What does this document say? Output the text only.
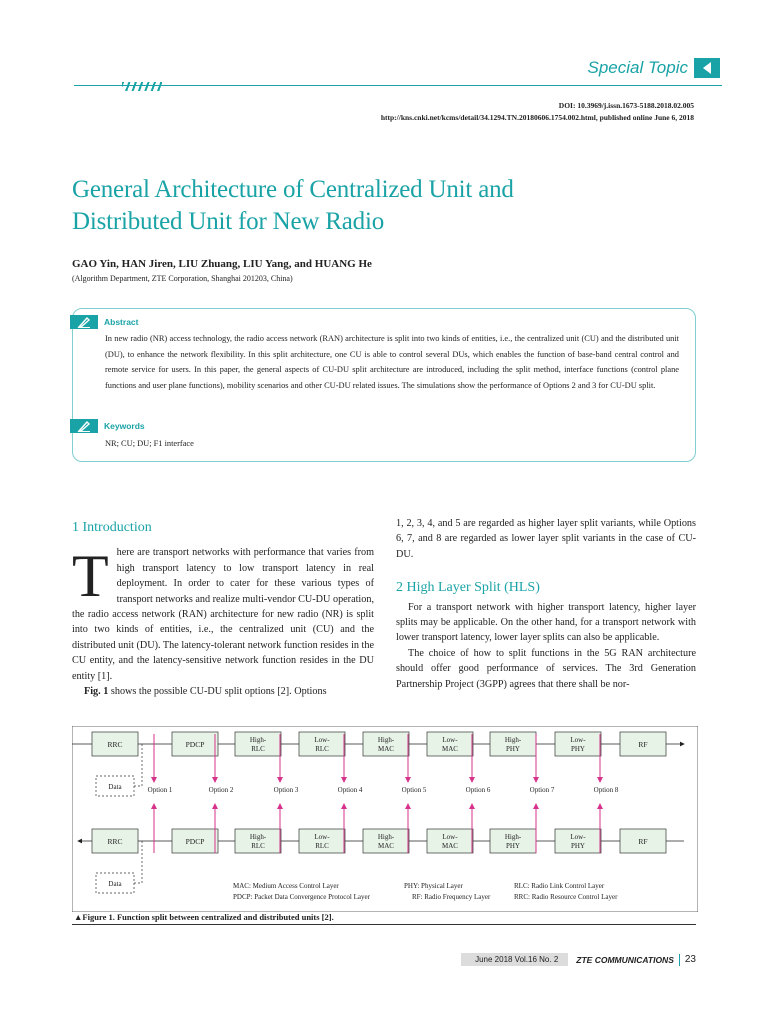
Special Topic
DOI: 10.3969/j.issn.1673-5188.2018.02.005
http://kns.cnki.net/kcms/detail/34.1294.TN.20180606.1754.002.html, published online June 6, 2018
General Architecture of Centralized Unit and
Distributed Unit for New Radio
GAO Yin, HAN Jiren, LIU Zhuang, LIU Yang, and HUANG He
(Algorithm Department, ZTE Corporation, Shanghai 201203, China)
Abstract
In new radio (NR) access technology, the radio access network (RAN) architecture is split into two kinds of entities, i.e., the centralized unit (CU) and the distributed unit (DU), to enhance the network flexibility. In this split architecture, one CU is able to control several DUs, which enables the function of base-band central control and remote service for users. In this paper, the general aspects of CU-DU split architecture are introduced, including the split method, interface functions (control plane functions and user plane functions), mobility scenarios and other CU-DU related issues. The simulations show the performance of Options 2 and 3 for CU-DU split.
Keywords
NR; CU; DU; F1 interface
1 Introduction

There are transport networks with performance that varies from high transport latency to low transport latency in real deployment. In order to cater for these various types of transport networks and realize multi-vendor CU-DU operation, the radio access network (RAN) architecture for new radio (NR) is split into two kinds of entities, i.e., the centralized unit (CU) and the distributed unit (DU). The latency-tolerant network function resides in the CU entity, and the latency-sensitive network function resides in the DU entity [1].

Fig. 1 shows the possible CU-DU split options [2]. Options

1, 2, 3, 4, and 5 are regarded as higher layer split variants, while Options 6, 7, and 8 are regarded as lower layer split variants in the case of CU-DU.

2 High Layer Split (HLS)

For a transport network with higher transport latency, higher layer splits may be applicable. On the other hand, for a transport network with lower transport latency, lower layer splits can also be applicable.

The choice of how to split functions in the 5G RAN architecture should offer good performance of services. The 3rd Generation Partnership Project (3GPP) agrees that there shall be nor-

RRC	PDCP	High-
RLC
Low-
RLC
High-
MAC
Low-
MAC
High-
PHY
Low-
PHY	RF
Data
RRC	PDCP	High-
RLC
Low-
RLC
High-
MAC
Low-
MAC
High-
PHY
Low-
PHY	RF
Data
Option 1	Option 2	Option 3	Option 4	Option 5	Option 6	Option 7	Option 8
MAC: Medium Access Control Layer
PDCP: Packet Data Convergence Protocol Layer
PHY: Physical Layer
RF: Radio Frequency Layer
RLC: Radio Link Control Layer
RRC: Radio Resource Control Layer
▲Figure 1. Function split between centralized and distributed units [2].
June 2018 Vol.16 No. 2	ZTE COMMUNICATIONS 23
